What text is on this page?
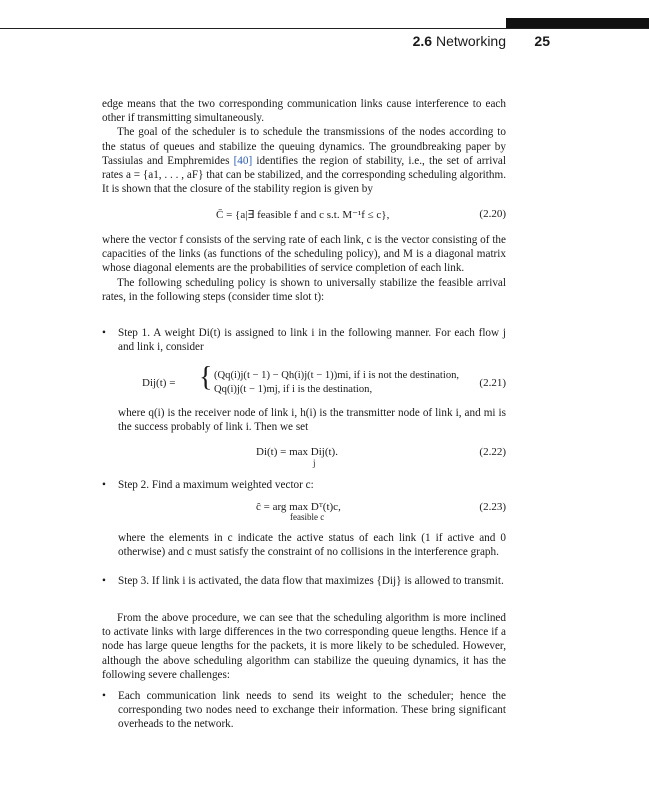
2.6 Networking 25

edge means that the two corresponding communication links cause interference to each other if transmitting simultaneously.

The goal of the scheduler is to schedule the transmissions of the nodes according to the status of queues and stabilize the queuing dynamics. The groundbreaking paper by Tassiulas and Emphremides [40] identifies the region of stability, i.e., the set of arrival rates a = {a1, . . . , aF} that can be stabilized, and the corresponding scheduling algorithm. It is shown that the closure of the stability region is given by

C̄ = {a|∃ feasible f and c s.t. M⁻¹f ≤ c},	(2.20)

where the vector f consists of the serving rate of each link, c is the vector consisting of the capacities of the links (as functions of the scheduling policy), and M is a diagonal matrix whose diagonal elements are the probabilities of service completion of each link.

The following scheduling policy is shown to universally stabilize the feasible arrival rates, in the following steps (consider time slot t):

• Step 1. A weight Di(t) is assigned to link i in the following manner. For each flow j and link i, consider

Dij(t) = { (Qq(i)j(t − 1) − Qh(i)j(t − 1))mi, if i is not the destination,
Qq(i)j(t − 1)mj, if i is the destination,
(2.21)

where q(i) is the receiver node of link i, h(i) is the transmitter node of link i, and mi is the success probably of link i. Then we set

Di(t) = max Dij(t).
j
(2.22)
• Step 2. Find a maximum weighted vector c:

ĉ = arg max Dᵀ(t)c,
feasible c
(2.23)

where the elements in c indicate the active status of each link (1 if active and 0 otherwise) and c must satisfy the constraint of no collisions in the interference graph.

• Step 3. If link i is activated, the data flow that maximizes {Dij} is allowed to transmit.

From the above procedure, we can see that the scheduling algorithm is more inclined to activate links with large differences in the two corresponding queue lengths. Hence if a node has large queue lengths for the packets, it is more likely to be scheduled. However, although the above scheduling algorithm can stabilize the queuing dynamics, it has the following severe challenges:

• Each communication link needs to send its weight to the scheduler; hence the corresponding two nodes need to exchange their information. These bring significant overheads to the network.
